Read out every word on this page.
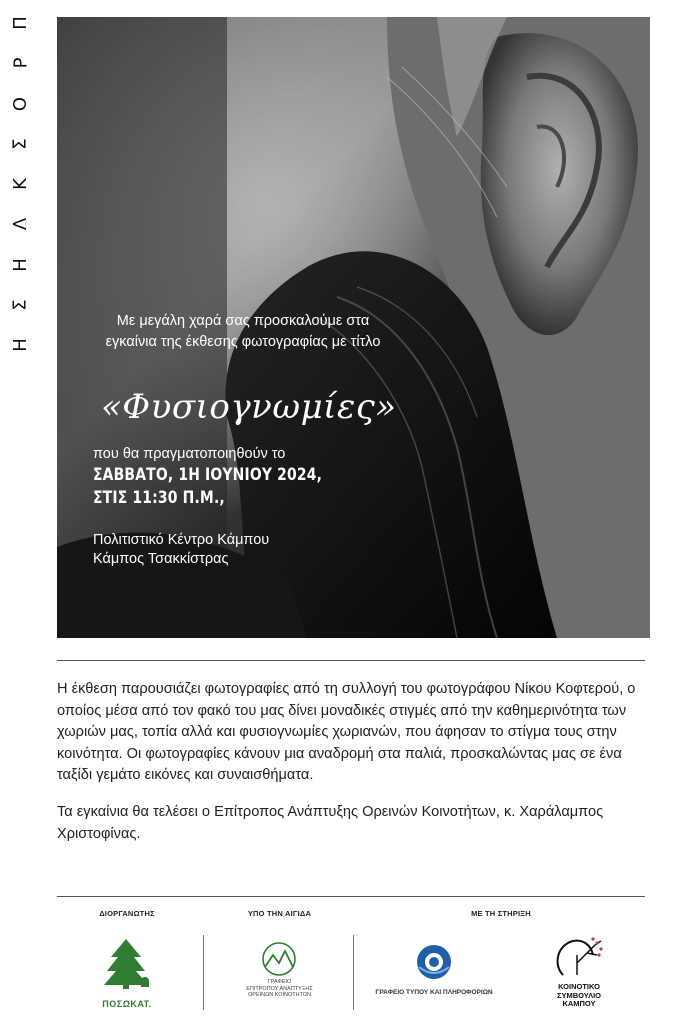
Π
Ρ
Ο
Σ
Κ
Λ
Η
Σ
Η
Με μεγάλη χαρά σας προσκαλούμε στα εγκαίνια της έκθεσης φωτογραφίας με τίτλο
«Φυσιογνωμίες»
που θα πραγματοποιηθούν το
ΣΑΒΒΑΤΟ, 1Η ΙΟΥΝΙΟΥ 2024,
ΣΤΙΣ 11:30 Π.Μ.,
Πολιτιστικό Κέντρο Κάμπου
Κάμπος Τσακκίστρας

Η έκθεση παρουσιάζει φωτογραφίες από τη συλλογή του φωτογράφου Νίκου Κοφτερού, ο οποίος μέσα από τον φακό του μας δίνει μοναδικές στιγμές από την καθημερινότητα των χωριών μας, τοπία αλλά και φυσιογνωμίες χωριανών, που άφησαν το στίγμα τους στην κοινότητα. Οι φωτογραφίες κάνουν μια αναδρομή στα παλιά, προσκαλώντας μας σε ένα ταξίδι γεμάτο εικόνες και συναισθήματα.

Τα εγκαίνια θα τελέσει ο Επίτροπος Ανάπτυξης Ορεινών Κοινοτήτων, κ. Χαράλαμπος Χριστοφίνας.

ΔΙΟΡΓΑΝΩΤΗΣ
ΠΟΣΩΚΑΤ.
ΥΠΟ ΤΗΝ ΑΙΓΙΔΑ
ΓΡΑΦΕΙΟ
ΕΠΙΤΡΟΠΟΥ ΑΝΑΠΤΥΞΗΣ
ΟΡΕΙΝΩΝ ΚΟΙΝΟΤΗΤΩΝ
ΜΕ ΤΗ ΣΤΗΡΙΞΗ
ΓΡΑΦΕΙΟ ΤΥΠΟΥ ΚΑΙ ΠΛΗΡΟΦΟΡΙΩΝ
ΚΟΙΝΟΤΙΚΟ
ΣΥΜΒΟΥΛΙΟ
ΚΑΜΠΟΥ
